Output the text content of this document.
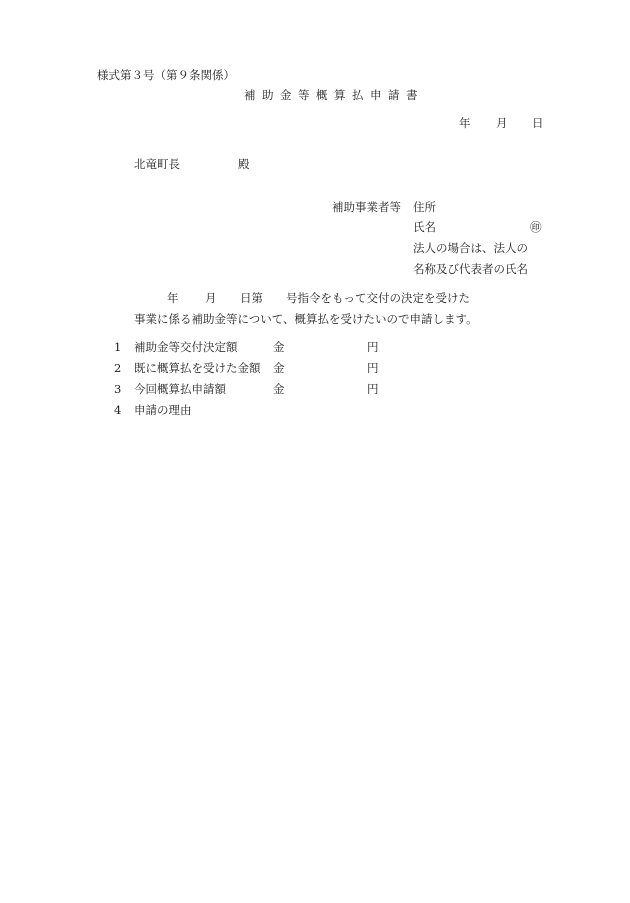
様式第３号（第９条関係）
補助金等概算払申請書
年 月 日
北竜町長	殿
補助事業者等 住所
氏名	㊞
法人の場合は、法人の
名称及び代表者の氏名
年 月 日第 号指令をもって交付の決定を受けた
事業に係る補助金等について、概算払を受けたいので申請します。
1 補助金等交付決定額	金	円
2 既に概算払を受けた金額 金	円
3 今回概算払申請額	金	円
4 申請の理由
